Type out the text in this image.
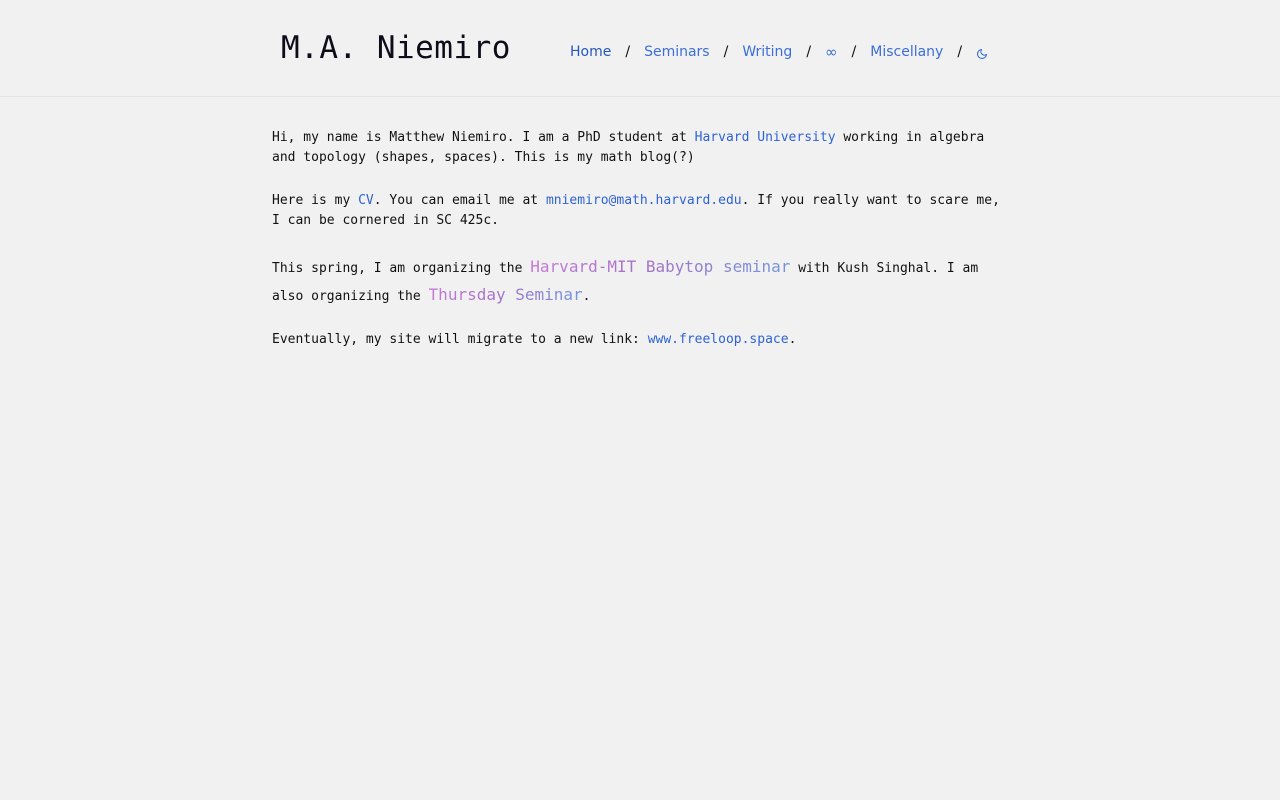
M.A. Niemiro	Home / Seminars / Writing / ∞ / Miscellany /

Hi, my name is Matthew Niemiro. I am a PhD student at Harvard University working in algebra and topology (shapes, spaces). This is my math blog(?)

Here is my CV. You can email me at mniemiro@math.harvard.edu. If you really want to scare me, I can be cornered in SC 425c.

This spring, I am organizing the Harvard-MIT Babytop seminar with Kush Singhal. I am also organizing the Thursday Seminar.

Eventually, my site will migrate to a new link: www.freeloop.space.
